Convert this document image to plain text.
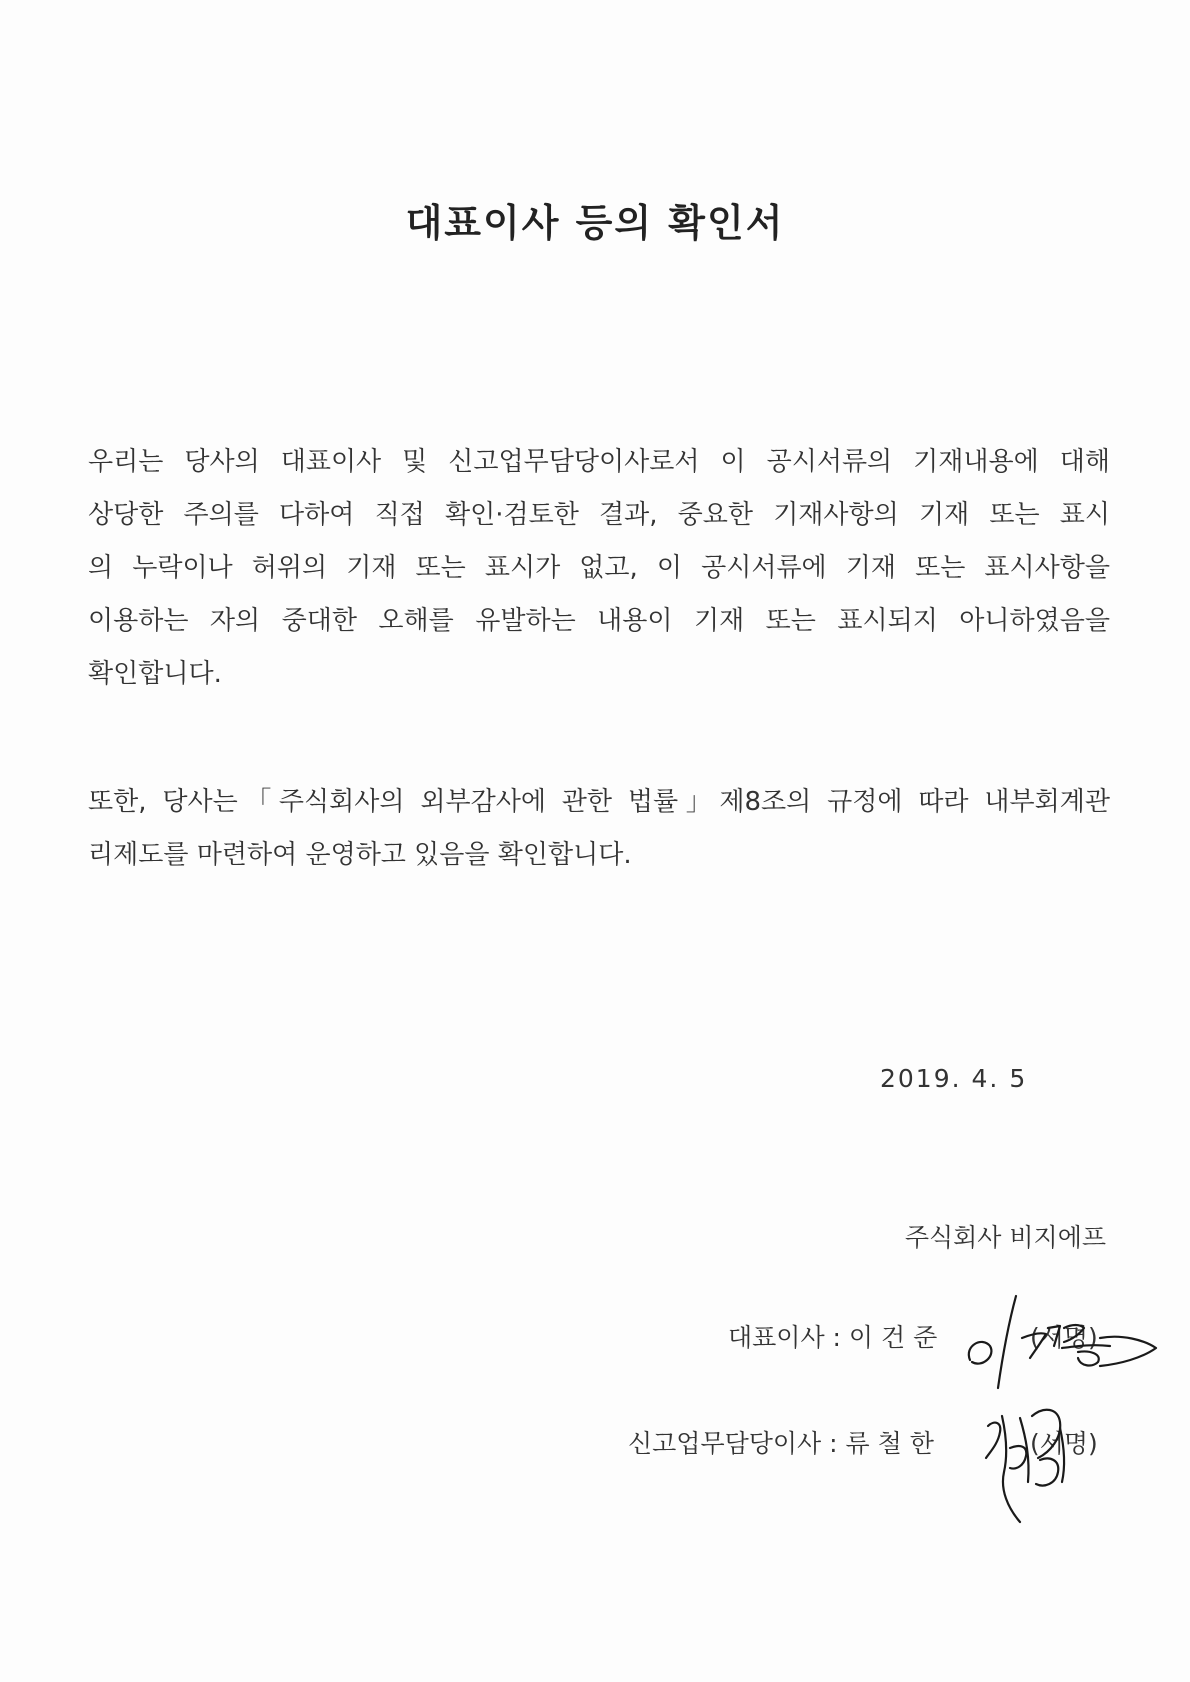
대표이사 등의 확인서
우리는 당사의 대표이사 및 신고업무담당이사로서 이 공시서류의 기재내용에 대해
상당한 주의를 다하여 직접 확인·검토한 결과, 중요한 기재사항의 기재 또는 표시
의 누락이나 허위의 기재 또는 표시가 없고, 이 공시서류에 기재 또는 표시사항을
이용하는 자의 중대한 오해를 유발하는 내용이 기재 또는 표시되지 아니하였음을
확인합니다.
또한, 당사는「주식회사의 외부감사에 관한 법률」제8조의 규정에 따라 내부회계관
리제도를 마련하여 운영하고 있음을 확인합니다.
2019. 4. 5
주식회사 비지에프
대표이사 : 이 건 준	(서명)
신고업무담당이사 : 류 철 한	(서명)
